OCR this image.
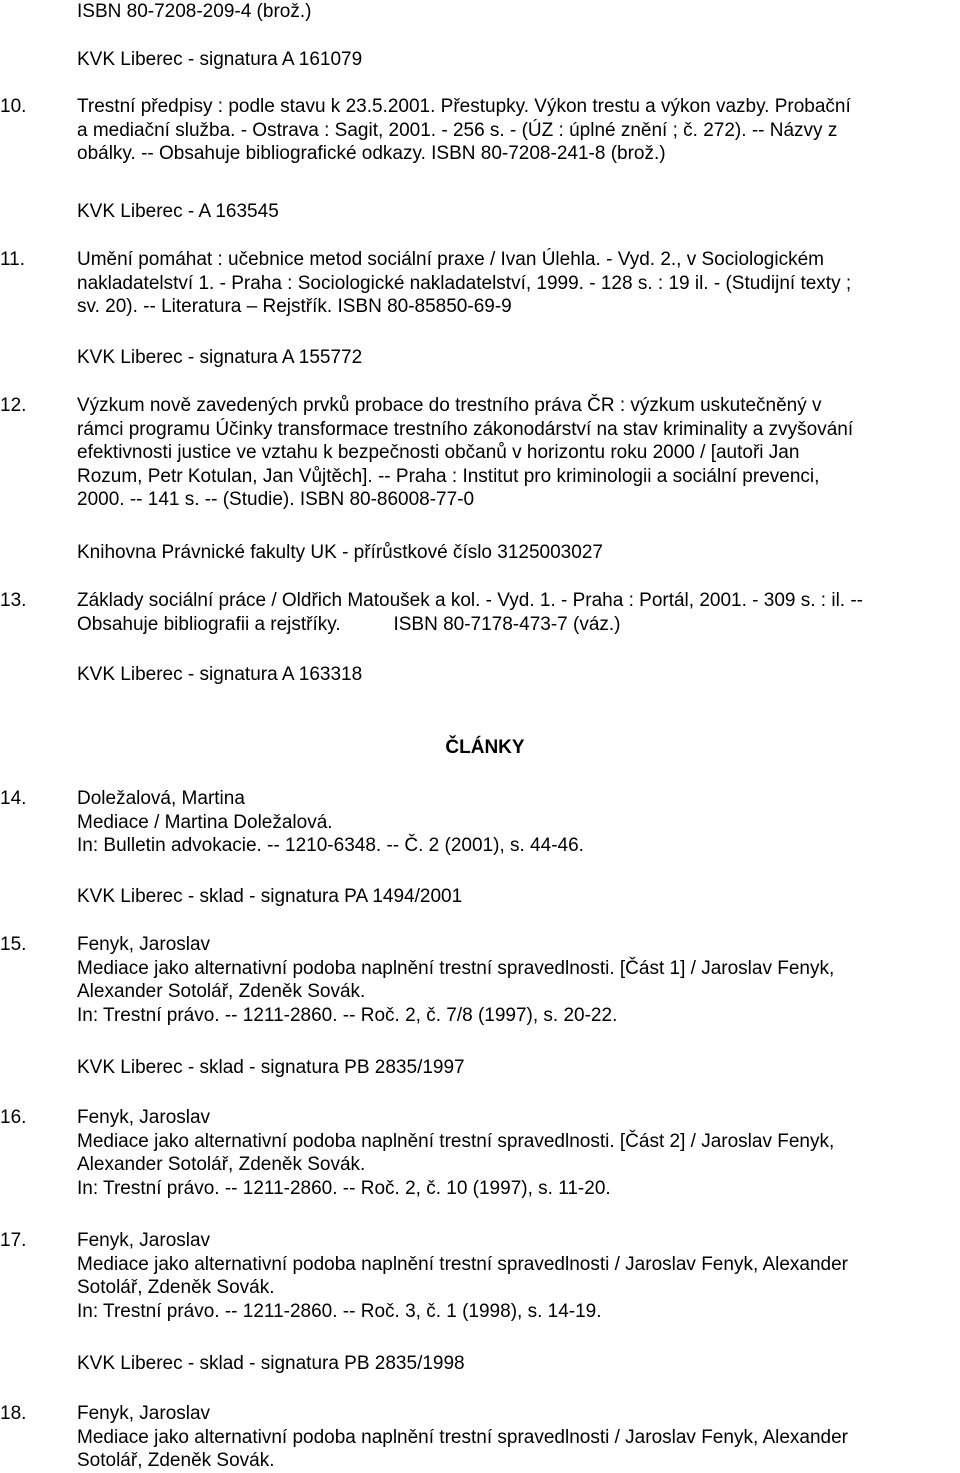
ISBN 80-7208-209-4 (brož.)
KVK Liberec - signatura A 161079
10.	Trestní předpisy : podle stavu k 23.5.2001. Přestupky. Výkon trestu a výkon vazby. Probační
a mediační služba. - Ostrava : Sagit, 2001. - 256 s. - (ÚZ : úplné znění ; č. 272). -- Názvy z
obálky. -- Obsahuje bibliografické odkazy. ISBN 80-7208-241-8 (brož.)
KVK Liberec - A 163545
11.	Umění pomáhat : učebnice metod sociální praxe / Ivan Úlehla. - Vyd. 2., v Sociologickém
nakladatelství 1. - Praha : Sociologické nakladatelství, 1999. - 128 s. : 19 il. - (Studijní texty ;
sv. 20). -- Literatura – Rejstřík. ISBN 80-85850-69-9
KVK Liberec - signatura A 155772
12.	Výzkum nově zavedených prvků probace do trestního práva ČR : výzkum uskutečněný v
rámci programu Účinky transformace trestního zákonodárství na stav kriminality a zvyšování
efektivnosti justice ve vztahu k bezpečnosti občanů v horizontu roku 2000 / [autoři Jan
Rozum, Petr Kotulan, Jan Vůjtěch]. -- Praha : Institut pro kriminologii a sociální prevenci,
2000. -- 141 s. -- (Studie). ISBN 80-86008-77-0
Knihovna Právnické fakulty UK - přírůstkové číslo 3125003027
13.	Základy sociální práce / Oldřich Matoušek a kol. - Vyd. 1. - Praha : Portál, 2001. - 309 s. : il. --
Obsahuje bibliografii a rejstříky.          ISBN 80-7178-473-7 (váz.)
KVK Liberec - signatura A 163318
ČLÁNKY
14.	Doležalová, Martina
Mediace / Martina Doležalová.
In: Bulletin advokacie. -- 1210-6348. -- Č. 2 (2001), s. 44-46.
KVK Liberec - sklad - signatura PA 1494/2001
15.	Fenyk, Jaroslav
Mediace jako alternativní podoba naplnění trestní spravedlnosti. [Část 1] / Jaroslav Fenyk,
Alexander Sotolář, Zdeněk Sovák.
In: Trestní právo. -- 1211-2860. -- Roč. 2, č. 7/8 (1997), s. 20-22.
KVK Liberec - sklad - signatura PB 2835/1997
16.	Fenyk, Jaroslav
Mediace jako alternativní podoba naplnění trestní spravedlnosti. [Část 2] / Jaroslav Fenyk,
Alexander Sotolář, Zdeněk Sovák.
In: Trestní právo. -- 1211-2860. -- Roč. 2, č. 10 (1997), s. 11-20.
17.	Fenyk, Jaroslav
Mediace jako alternativní podoba naplnění trestní spravedlnosti / Jaroslav Fenyk, Alexander
Sotolář, Zdeněk Sovák.
In: Trestní právo. -- 1211-2860. -- Roč. 3, č. 1 (1998), s. 14-19.
KVK Liberec - sklad - signatura PB 2835/1998
18.	Fenyk, Jaroslav
Mediace jako alternativní podoba naplnění trestní spravedlnosti / Jaroslav Fenyk, Alexander
Sotolář, Zdeněk Sovák.
